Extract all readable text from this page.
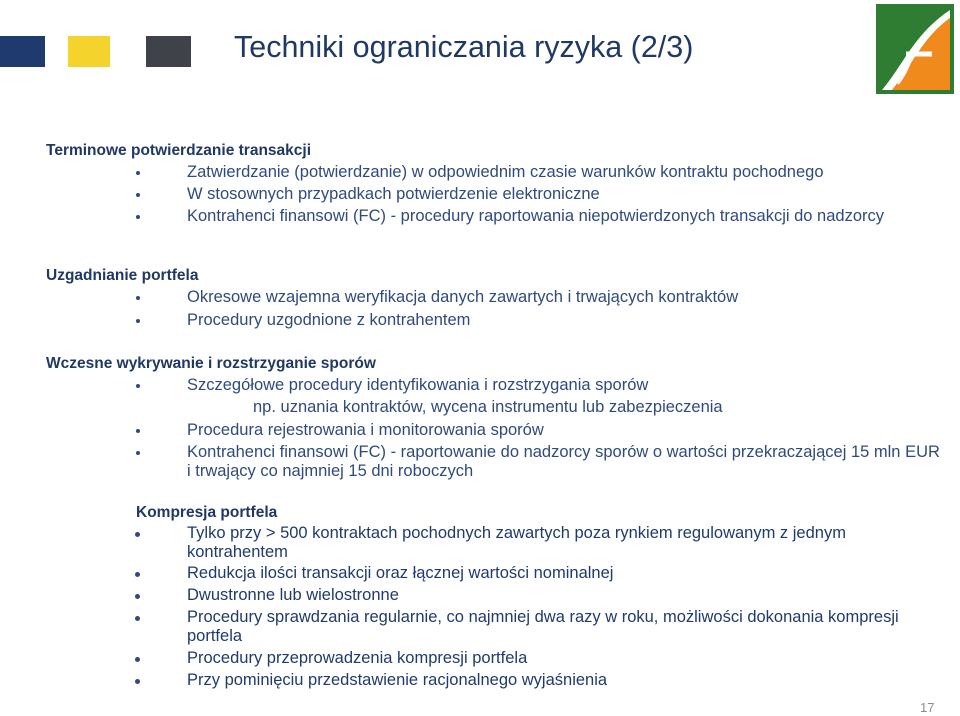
Techniki ograniczania ryzyka (2/3)
Terminowe potwierdzanie transakcji
Zatwierdzanie (potwierdzanie) w odpowiednim czasie warunków kontraktu pochodnego
W stosownych przypadkach potwierdzenie elektroniczne
Kontrahenci finansowi (FC) - procedury raportowania niepotwierdzonych transakcji do nadzorcy
Uzgadnianie portfela
Okresowe wzajemna weryfikacja danych zawartych i trwających kontraktów
Procedury uzgodnione z kontrahentem
Wczesne wykrywanie i rozstrzyganie sporów
Szczegółowe procedury identyfikowania i rozstrzygania sporów
np. uznania kontraktów, wycena instrumentu lub zabezpieczenia
Procedura rejestrowania i monitorowania sporów
Kontrahenci finansowi (FC) - raportowanie do nadzorcy sporów o wartości przekraczającej 15 mln EUR i trwający co najmniej 15 dni roboczych
Kompresja portfela
Tylko przy > 500 kontraktach pochodnych zawartych poza rynkiem regulowanym z jednym kontrahentem
Redukcja ilości transakcji oraz łącznej wartości nominalnej
Dwustronne lub wielostronne
Procedury sprawdzania regularnie, co najmniej dwa razy w roku, możliwości dokonania kompresji portfela
Procedury przeprowadzenia kompresji portfela
Przy pominięciu przedstawienie racjonalnego wyjaśnienia
17
